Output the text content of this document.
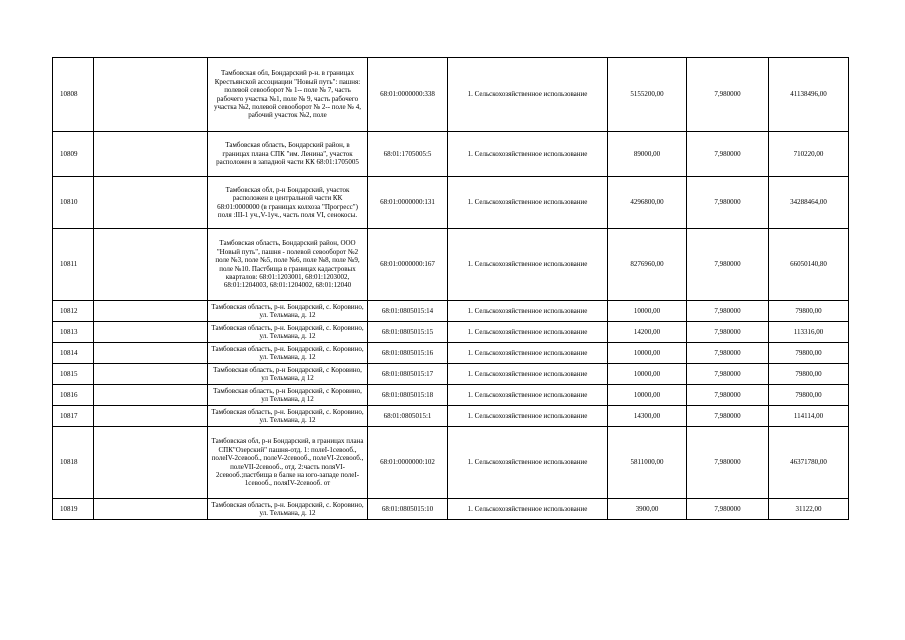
10808		Тамбовская обл, Бондарский р-н. в границах Крестьянской ассоциации "Новый путь": пашня: полевой севооборот № 1-- поле № 7, часть рабочего участка №1, поле № 9, часть рабочего участка №2, полевой севооборот № 2-- поле № 4, рабочий участок №2, поле	68:01:0000000:338	1. Сельскохозяйственное использование	5155200,00	7,980000	41138496,00
10809		Тамбовская область, Бондарский район, в границах плана СПК "им. Ленина", участок расположен в западной части КК 68:01:1705005	68:01:1705005:5	1. Сельскохозяйственное использование	89000,00	7,980000	710220,00
10810		Тамбовская обл, р-н Бондарский, участок расположен в центральной части КК 68:01:0000000 (в границах колхоза "Прогресс") поля :III-1 уч.,V-1уч., часть поля VI, сенокосы.	68:01:0000000:131	1. Сельскохозяйственное использование	4296800,00	7,980000	34288464,00
10811		Тамбовская область, Бондарский район, ООО "Новый путь", пашня - полевой севооборот №2 поле №3, поле №5, поле №6, поле №8, поле №9, поле №10. Пастбища в границах кадастровых кварталов: 68:01:1203001, 68:01:1203002, 68:01:1204003, 68:01:1204002, 68:01:12040	68:01:0000000:167	1. Сельскохозяйственное использование	8276960,00	7,980000	66050140,80
10812		Тамбовская область, р-н. Бондарский, с. Коровино, ул. Тельмана, д. 12	68:01:0805015:14	1. Сельскохозяйственное использование	10000,00	7,980000	79800,00
10813		Тамбовская область, р-н. Бондарский, с. Коровино, ул. Тельмана, д. 12	68:01:0805015:15	1. Сельскохозяйственное использование	14200,00	7,980000	113316,00
10814		Тамбовская область, р-н. Бондарский, с. Коровино, ул. Тельмана, д. 12	68:01:0805015:16	1. Сельскохозяйственное использование	10000,00	7,980000	79800,00
10815		Тамбовская область, р-н Бондарский, с Коровино, ул Тельмана, д 12	68:01:0805015:17	1. Сельскохозяйственное использование	10000,00	7,980000	79800,00
10816		Тамбовская область, р-н Бондарский, с Коровино, ул Тельмана, д 12	68:01:0805015:18	1. Сельскохозяйственное использование	10000,00	7,980000	79800,00
10817		Тамбовская область, р-н. Бондарский, с. Коровино, ул. Тельмана, д. 12	68:01:0805015:1	1. Сельскохозяйственное использование	14300,00	7,980000	114114,00
10818		Тамбовская обл, р-н Бондарский, в границах плана СПК"Озерский" пашня-отд. 1: полеI-1севооб., полеIV-2севооб., полеV-2севооб., полеVI-2севооб., полеVII-2севооб., отд. 2:часть поляVI-2севооб.;пастбища в балке на юго-западе полеI-1севооб., поляIV-2севооб. от	68:01:0000000:102	1. Сельскохозяйственное использование	5811000,00	7,980000	46371780,00
10819		Тамбовская область, р-н. Бондарский, с. Коровино, ул. Тельмана, д. 12	68:01:0805015:10	1. Сельскохозяйственное использование	3900,00	7,980000	31122,00
